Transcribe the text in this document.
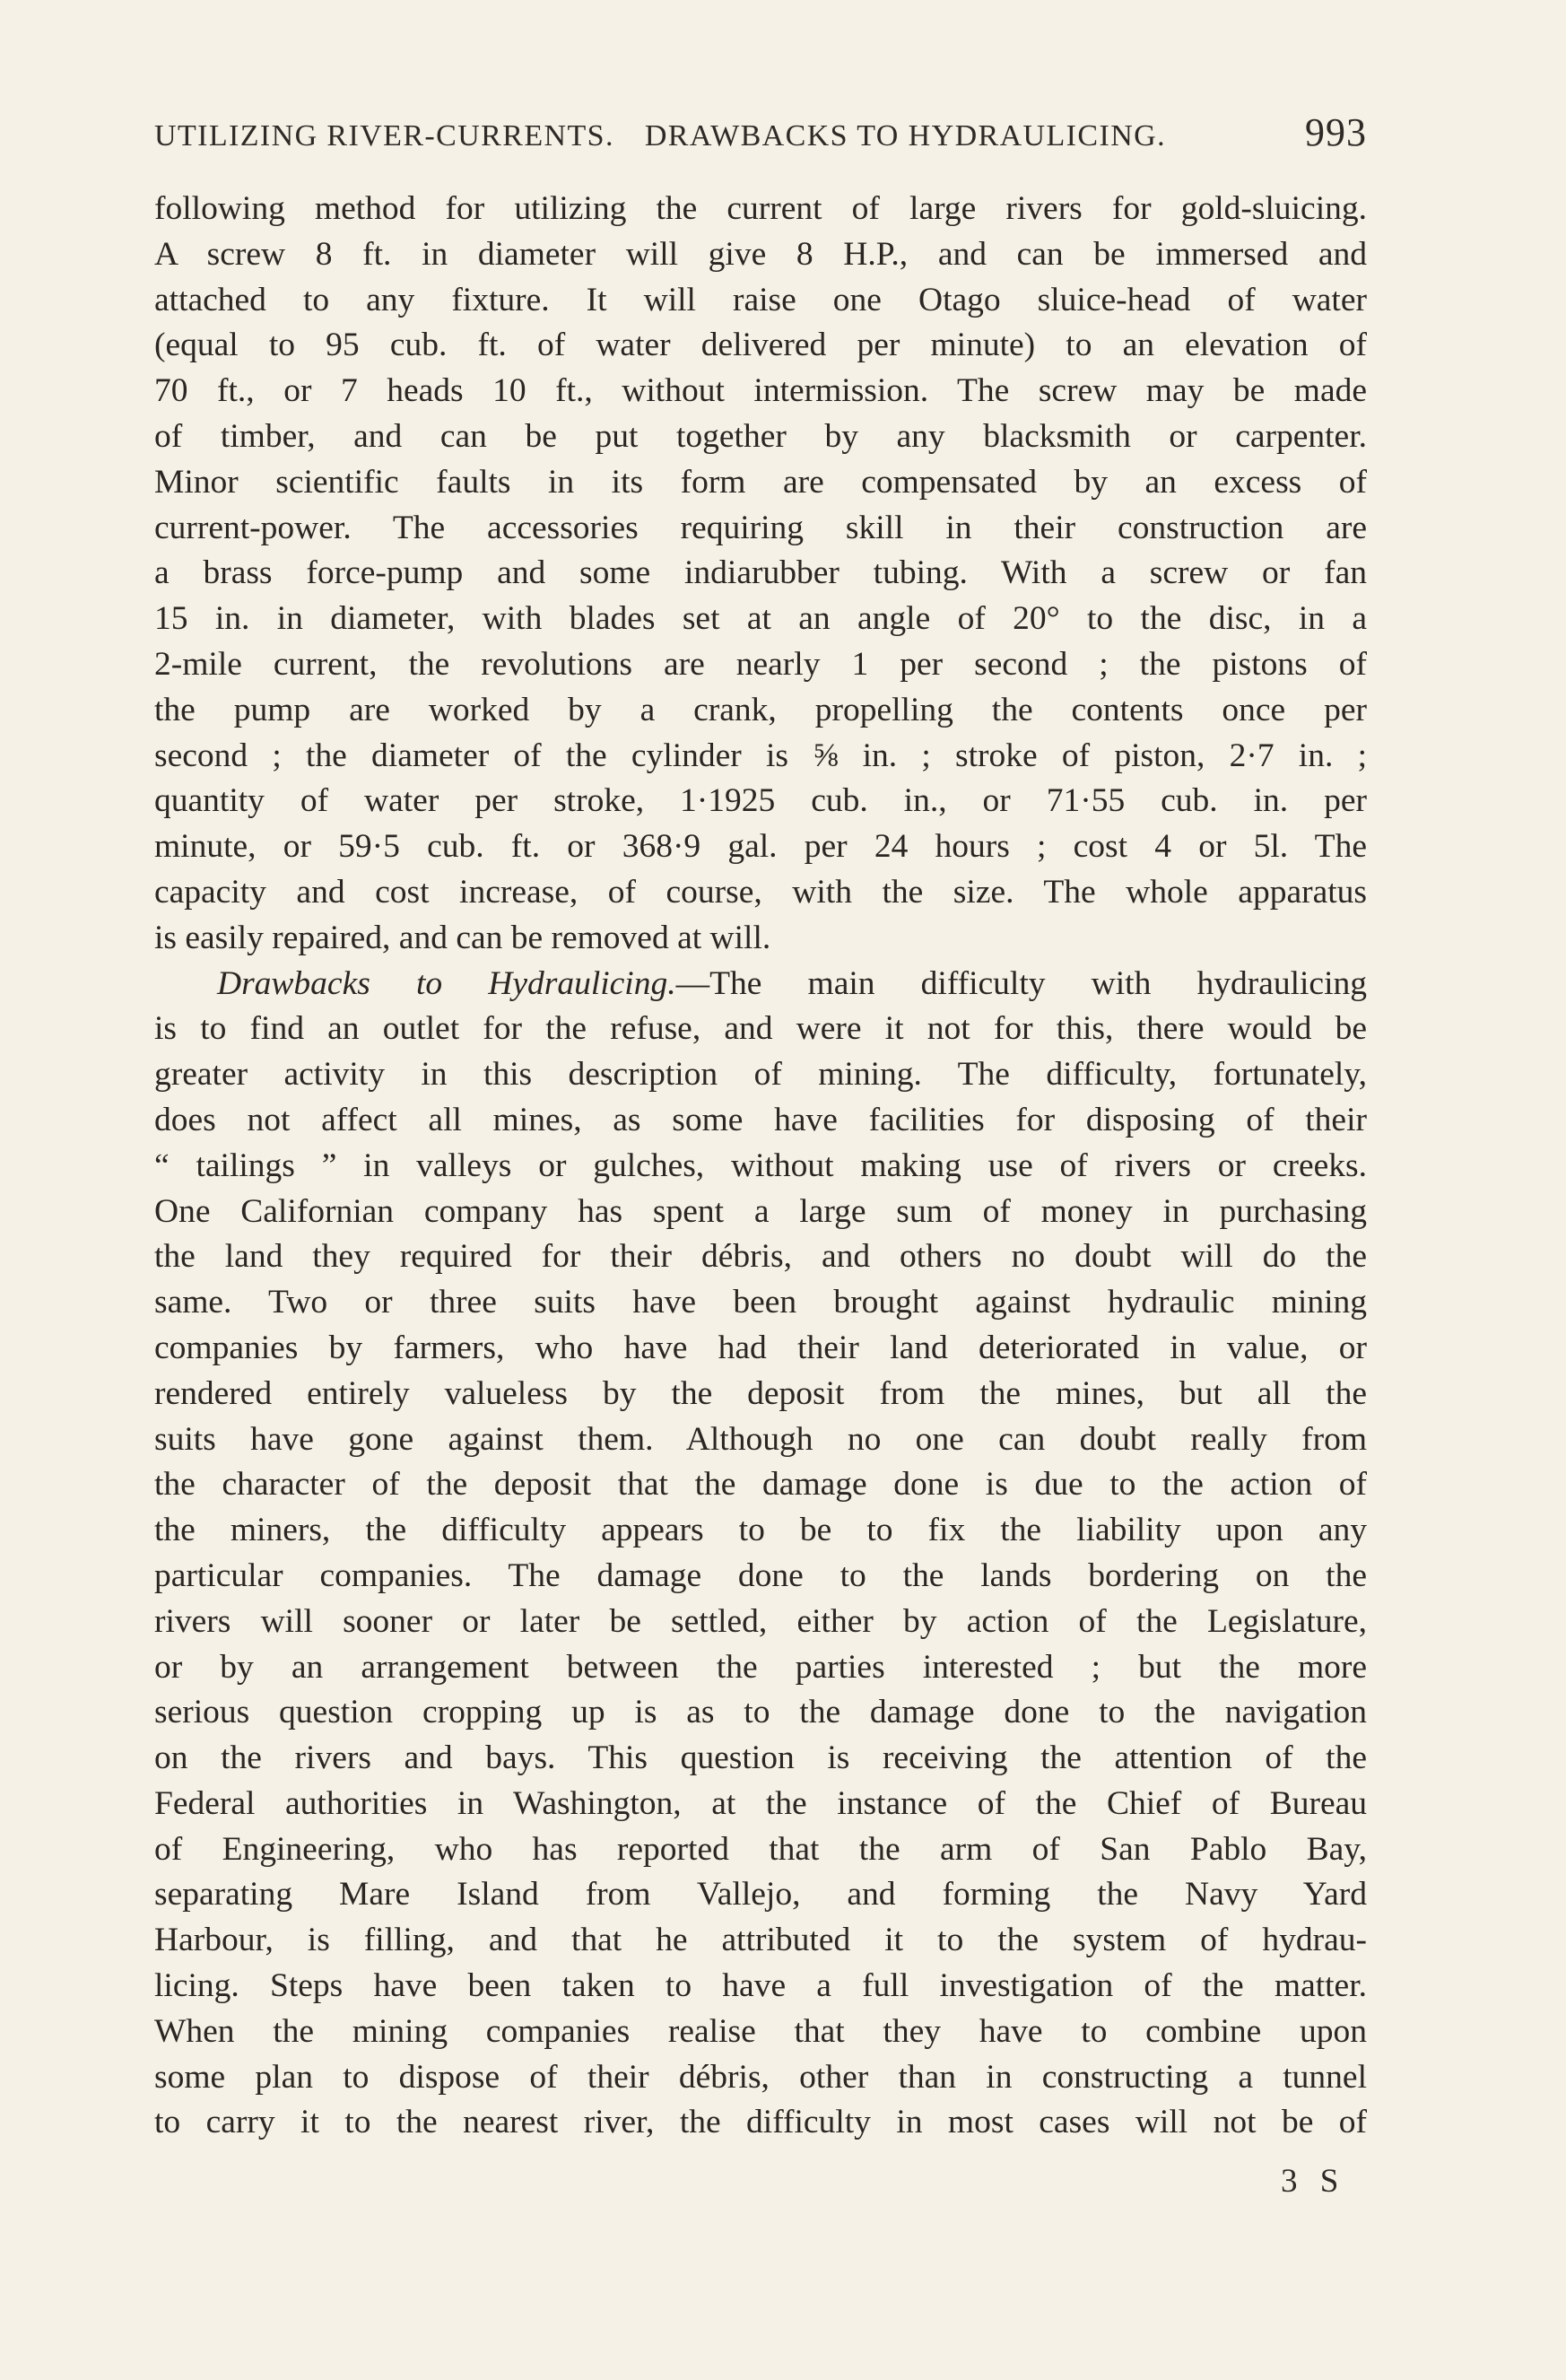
UTILIZING RIVER-CURRENTS. DRAWBACKS TO HYDRAULICING.	993
following method for utilizing the current of large rivers for gold-sluicing.
A screw 8 ft. in diameter will give 8 H.P., and can be immersed and
attached to any fixture. It will raise one Otago sluice-head of water
(equal to 95 cub. ft. of water delivered per minute) to an elevation of
70 ft., or 7 heads 10 ft., without intermission. The screw may be made
of timber, and can be put together by any blacksmith or carpenter.
Minor scientific faults in its form are compensated by an excess of
current-power. The accessories requiring skill in their construction are
a brass force-pump and some indiarubber tubing. With a screw or fan
15 in. in diameter, with blades set at an angle of 20° to the disc, in a
2-mile current, the revolutions are nearly 1 per second ; the pistons of
the pump are worked by a crank, propelling the contents once per
second ; the diameter of the cylinder is ⅝ in. ; stroke of piston, 2·7 in. ;
quantity of water per stroke, 1·1925 cub. in., or 71·55 cub. in. per
minute, or 59·5 cub. ft. or 368·9 gal. per 24 hours ; cost 4 or 5l. The
capacity and cost increase, of course, with the size. The whole apparatus
is easily repaired, and can be removed at will.
Drawbacks to Hydraulicing.—The main difficulty with hydraulicing
is to find an outlet for the refuse, and were it not for this, there would be
greater activity in this description of mining. The difficulty, fortunately,
does not affect all mines, as some have facilities for disposing of their
“ tailings ” in valleys or gulches, without making use of rivers or creeks.
One Californian company has spent a large sum of money in purchasing
the land they required for their débris, and others no doubt will do the
same. Two or three suits have been brought against hydraulic mining
companies by farmers, who have had their land deteriorated in value, or
rendered entirely valueless by the deposit from the mines, but all the
suits have gone against them. Although no one can doubt really from
the character of the deposit that the damage done is due to the action of
the miners, the difficulty appears to be to fix the liability upon any
particular companies. The damage done to the lands bordering on the
rivers will sooner or later be settled, either by action of the Legislature,
or by an arrangement between the parties interested ; but the more
serious question cropping up is as to the damage done to the navigation
on the rivers and bays. This question is receiving the attention of the
Federal authorities in Washington, at the instance of the Chief of Bureau
of Engineering, who has reported that the arm of San Pablo Bay,
separating Mare Island from Vallejo, and forming the Navy Yard
Harbour, is filling, and that he attributed it to the system of hydrau-
licing. Steps have been taken to have a full investigation of the matter.
When the mining companies realise that they have to combine upon
some plan to dispose of their débris, other than in constructing a tunnel
to carry it to the nearest river, the difficulty in most cases will not be of
3 S
